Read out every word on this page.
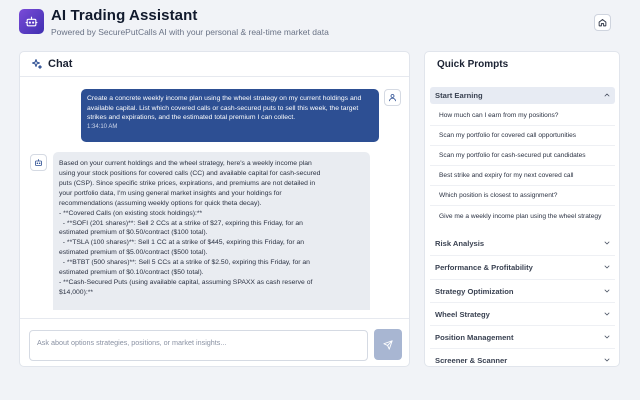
AI Trading Assistant
Powered by SecurePutCalls AI with your personal & real-time market data
Chat
Create a concrete weekly income plan using the wheel strategy on my current holdings and available capital. List which covered calls or cash-secured puts to sell this week, the target strikes and expirations, and the estimated total premium I can collect.
1:34:10 AM
Based on your current holdings and the wheel strategy, here's a weekly income plan
using your stock positions for covered calls (CC) and available capital for cash-secured
puts (CSP). Since specific strike prices, expirations, and premiums are not detailed in
your portfolio data, I'm using general market insights and your holdings for
recommendations (assuming weekly options for quick theta decay).
- **Covered Calls (on existing stock holdings):**
- **SOFI (201 shares)**: Sell 2 CCs at a strike of $27, expiring this Friday, for an
estimated premium of $0.50/contract ($100 total).
- **TSLA (100 shares)**: Sell 1 CC at a strike of $445, expiring this Friday, for an
estimated premium of $5.00/contract ($500 total).
- **BTBT (500 shares)**: Sell 5 CCs at a strike of $2.50, expiring this Friday, for an
estimated premium of $0.10/contract ($50 total).
- **Cash-Secured Puts (using available capital, assuming SPAXX as cash reserve of
$14,000):**
Ask about options strategies, positions, or market insights...
Quick Prompts
Start Earning
How much can I earn from my positions?
Scan my portfolio for covered call opportunities
Scan my portfolio for cash-secured put candidates
Best strike and expiry for my next covered call
Which position is closest to assignment?
Give me a weekly income plan using the wheel strategy
Risk Analysis
Performance & Profitability
Strategy Optimization
Wheel Strategy
Position Management
Screener & Scanner
